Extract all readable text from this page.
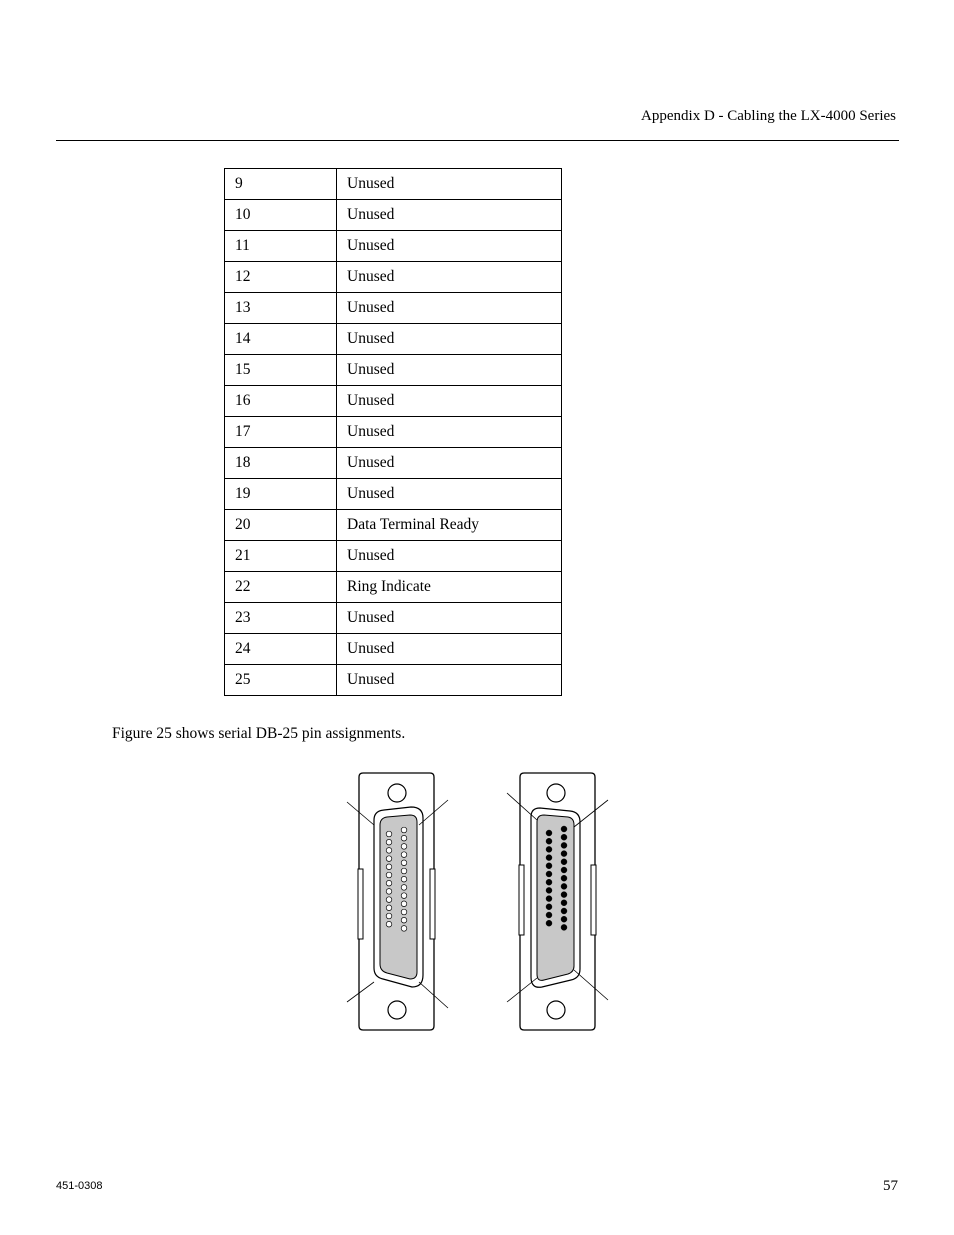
Appendix D - Cabling the LX-4000 Series
9	Unused
10	Unused
11	Unused
12	Unused
13	Unused
14	Unused
15	Unused
16	Unused
17	Unused
18	Unused
19	Unused
20	Data Terminal Ready
21	Unused
22	Ring Indicate
23	Unused
24	Unused
25	Unused
Figure 25 shows serial DB-25 pin assignments.
451-0308	57
